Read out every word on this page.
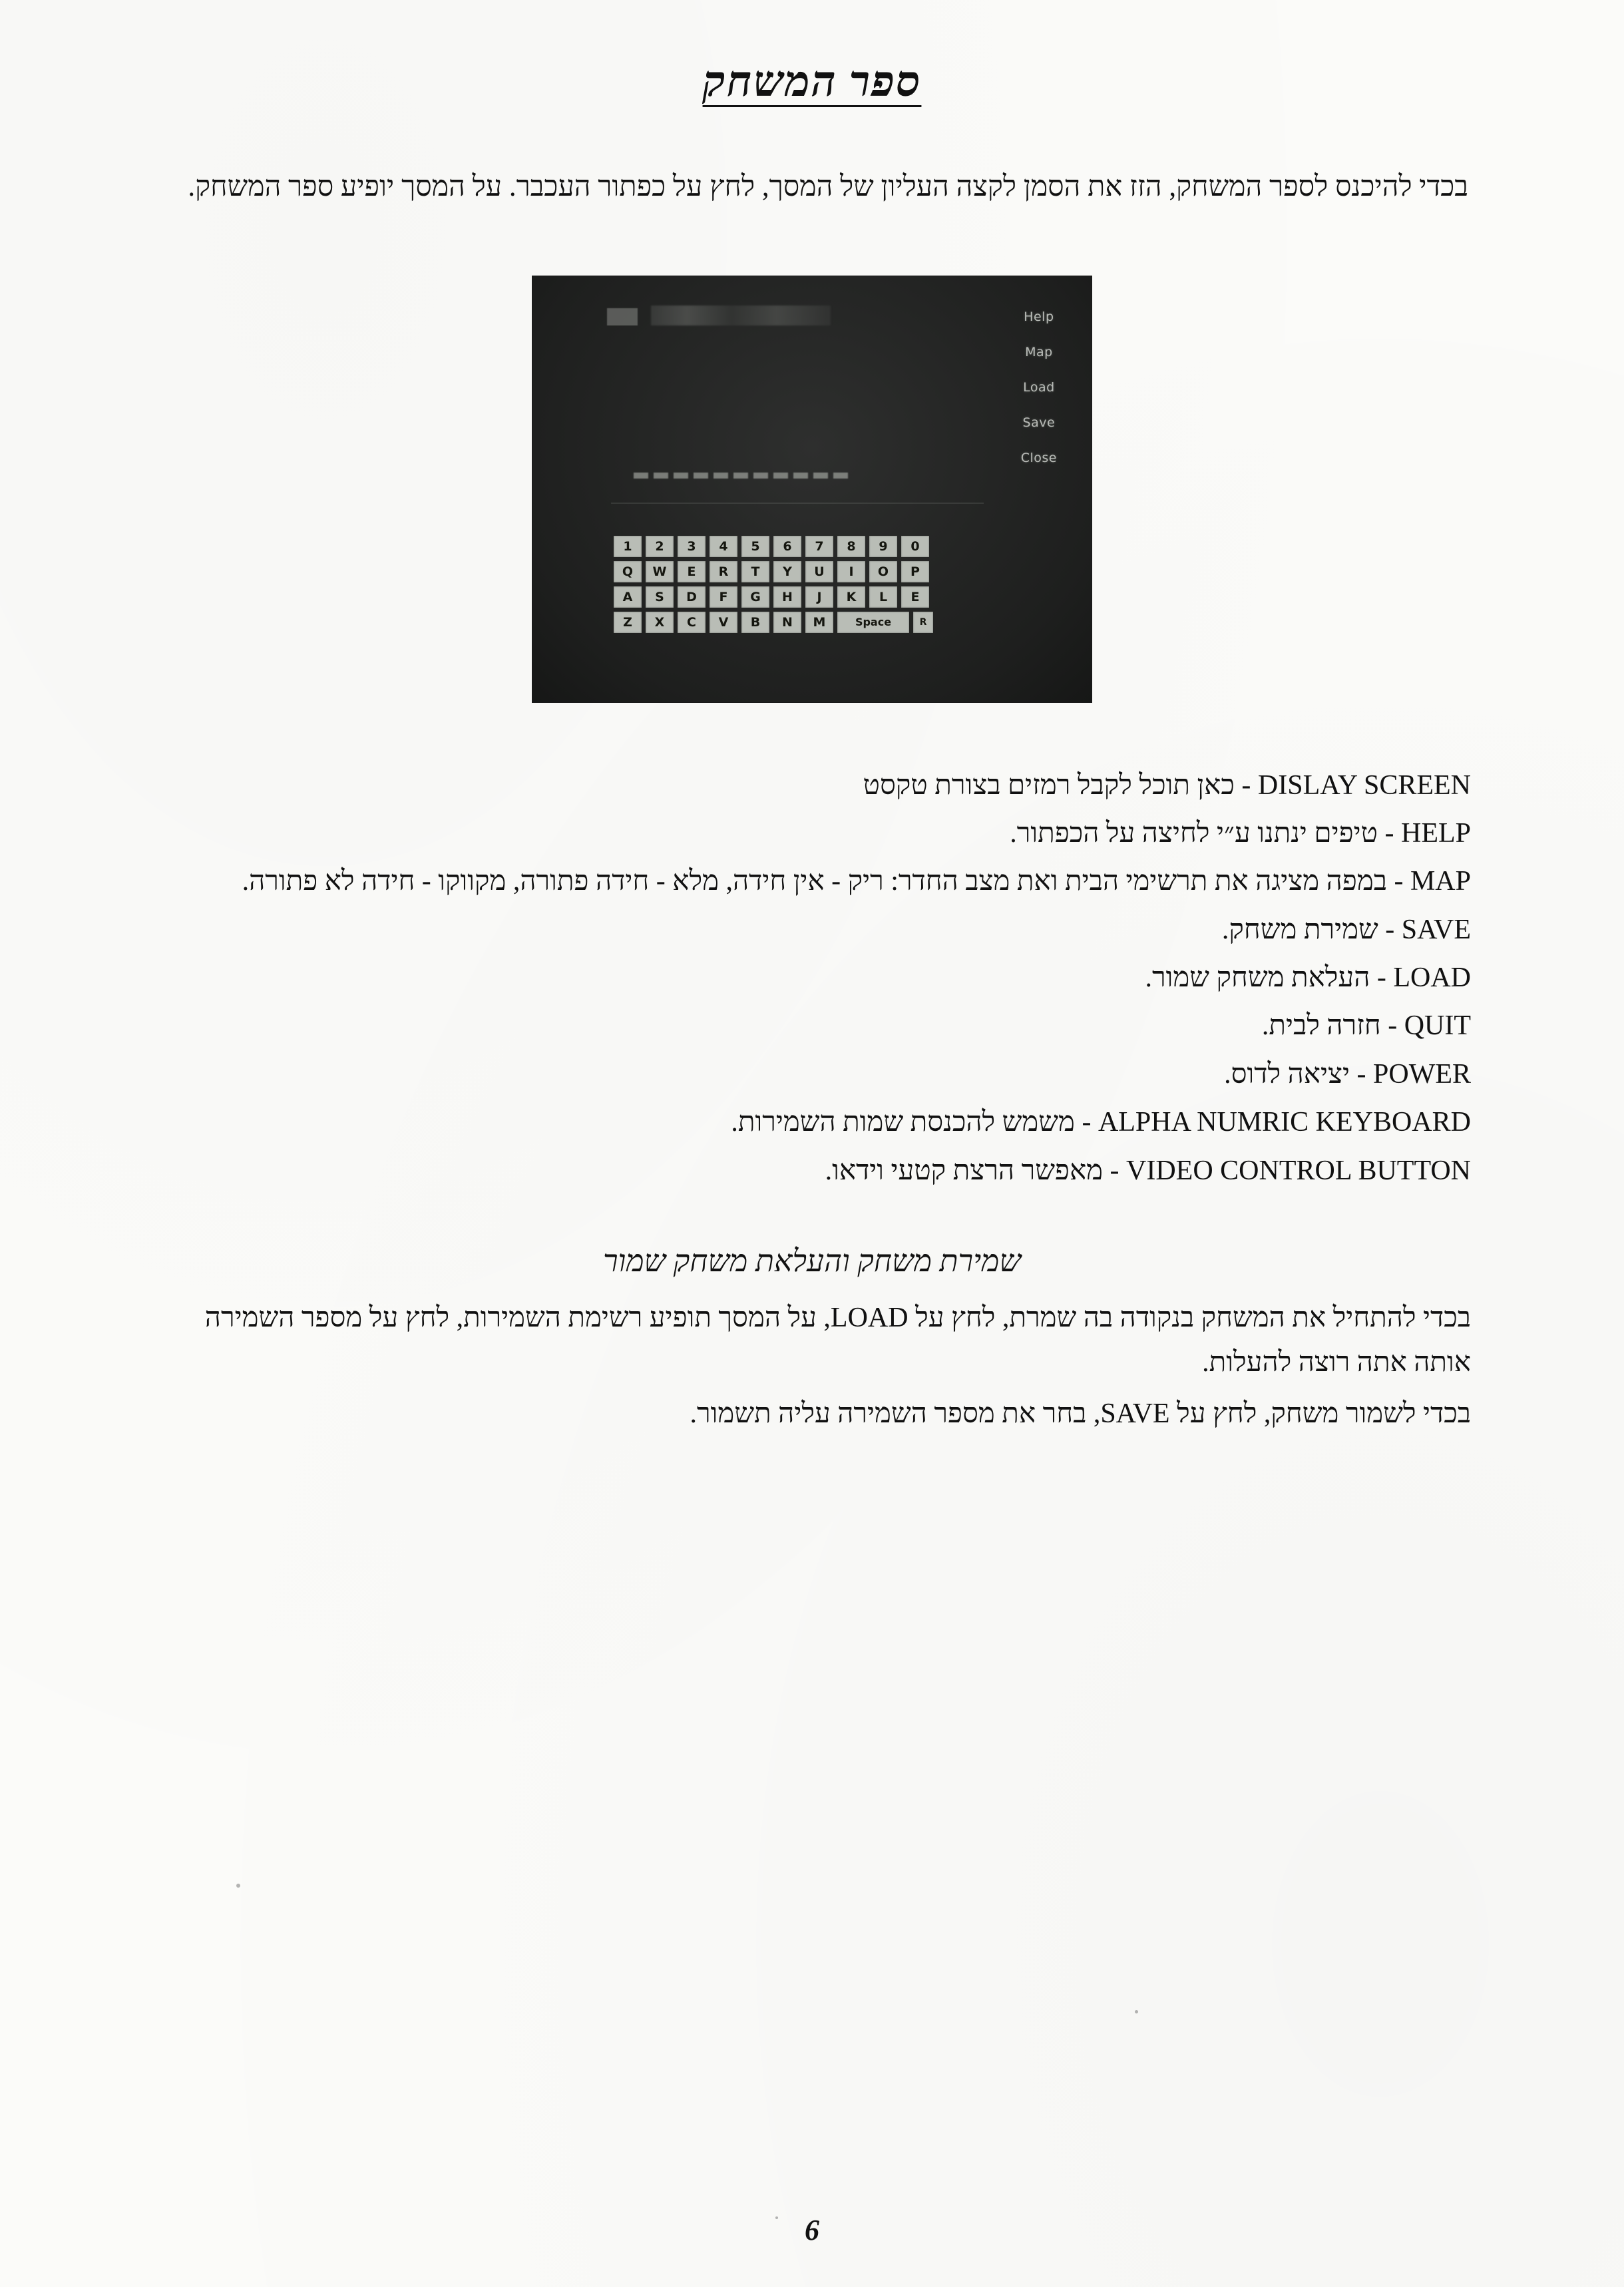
ספר המשחק
בכדי להיכנס לספר המשחק, הזז את הסמן לקצה העליון של המסך, לחץ על כפתור העכבר. על המסך יופיע ספר המשחק.
Help
Map
Load
Save
Close
1	2	3	4	5	6	7	8	9	0
Q	W	E	R	T	Y	U	I	O	P
A	S	D	F	G	H	J	K	L	E
Z	X	C	V	B	N	M	Space	R
DISLAY SCREEN - כאן תוכל לקבל רמזים בצורת טקסט
HELP - טיפים ינתנו ע״י לחיצה על הכפתור.
MAP - במפה מציגה את תרשימי הבית ואת מצב החדר: ריק - אין חידה, מלא - חידה פתורה, מקווקו - חידה לא פתורה.
SAVE - שמירת משחק.
LOAD - העלאת משחק שמור.
QUIT - חזרה לבית.
POWER - יציאה לדוס.
ALPHA NUMRIC KEYBOARD - משמש להכנסת שמות השמירות.
VIDEO CONTROL BUTTON - מאפשר הרצת קטעי וידאו.
שמירת משחק והעלאת משחק שמור

בכדי להתחיל את המשחק בנקודה בה שמרת, לחץ על LOAD, על המסך תופיע רשימת השמירות, לחץ על מספר השמירה אותה אתה רוצה להעלות.

בכדי לשמור משחק, לחץ על SAVE, בחר את מספר השמירה עליה תשמור.

6
